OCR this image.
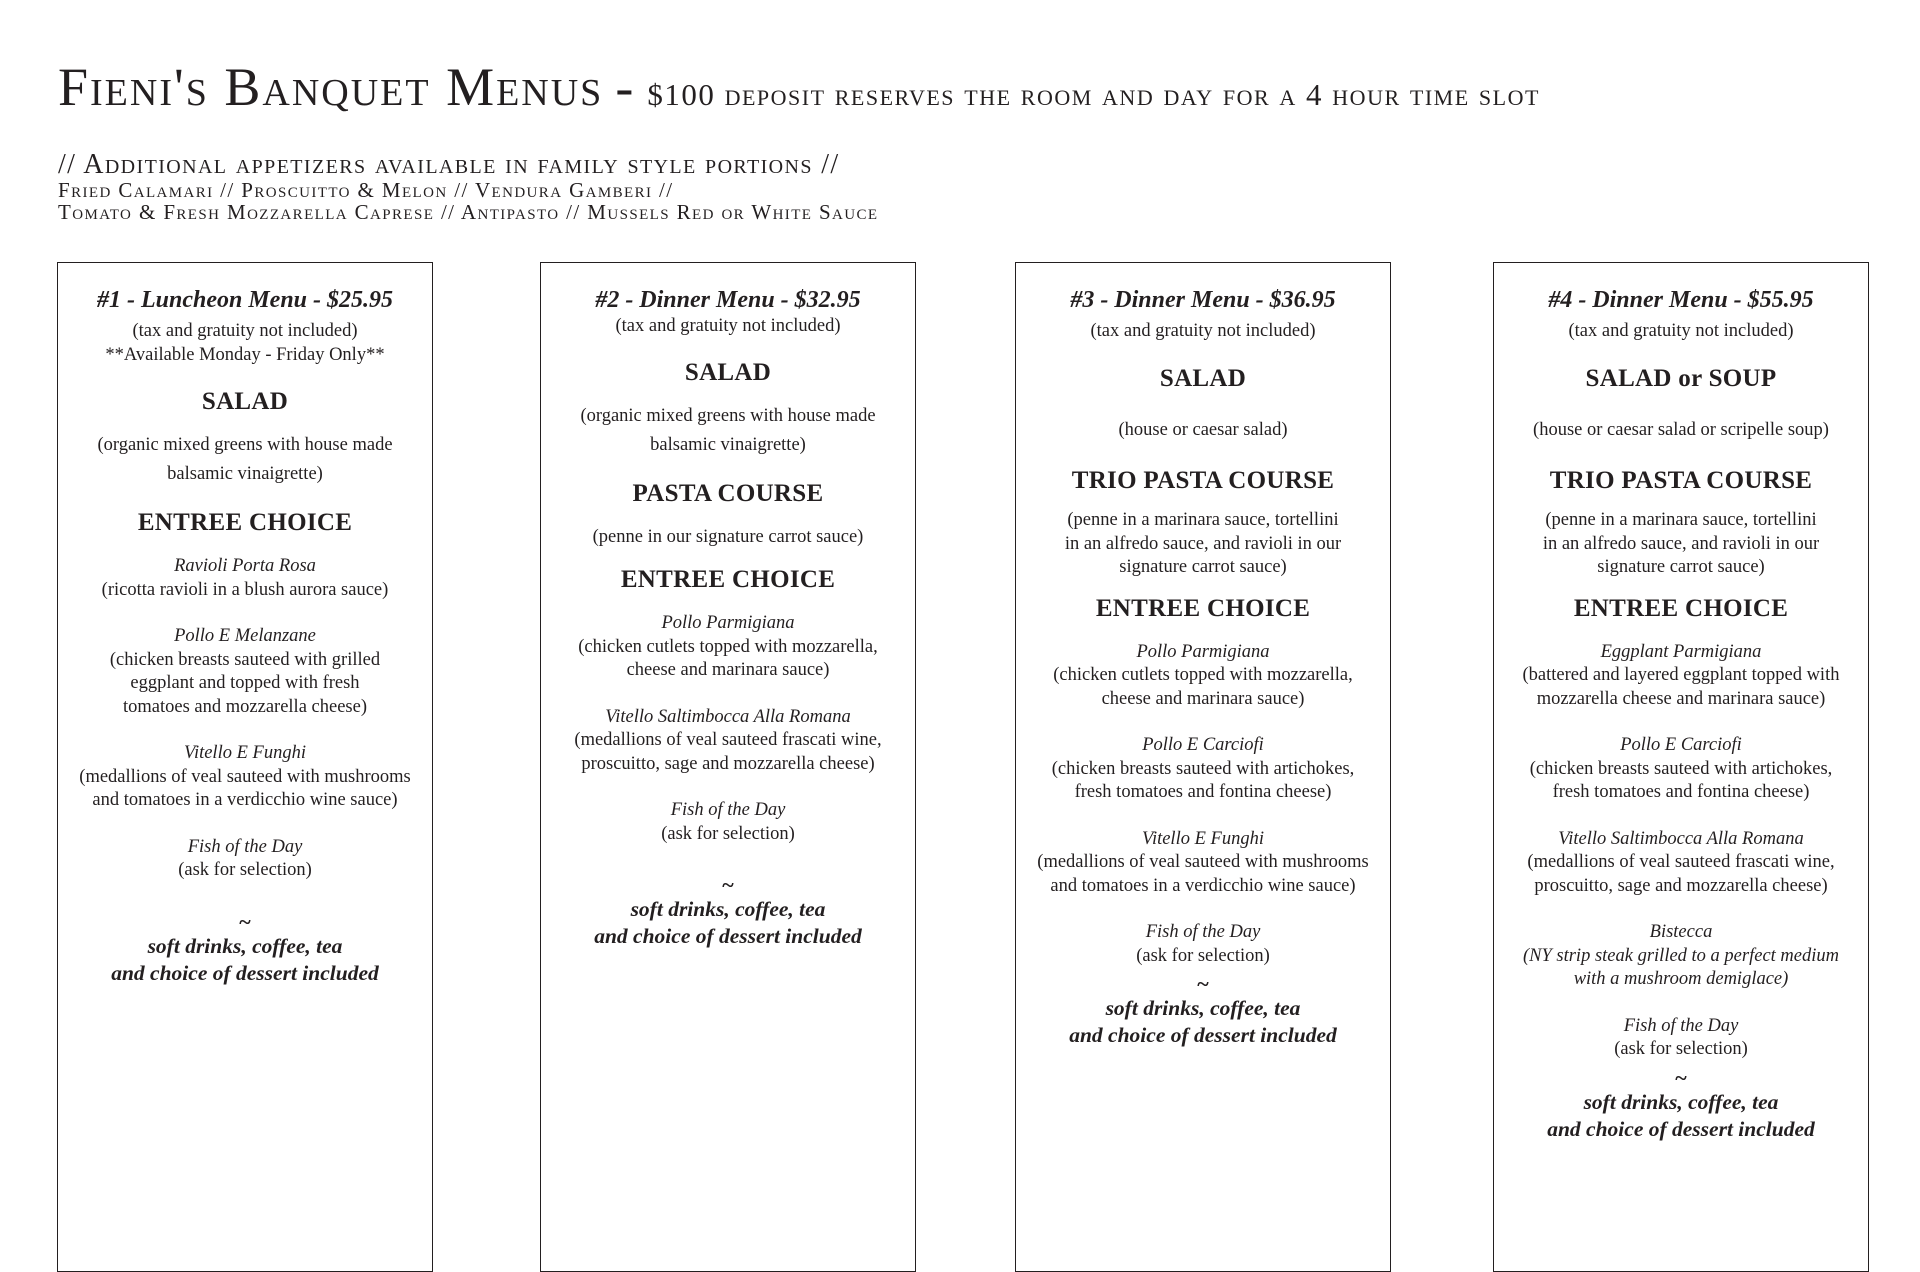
Fieni's Banquet Menus - $100 deposit reserves the room and day for a 4 hour time slot
// Additional appetizers available in family style portions //
Fried Calamari // Proscuitto & Melon // Vendura Gamberi //
Tomato & Fresh Mozzarella Caprese // Antipasto // Mussels Red or White Sauce
#1 - Luncheon Menu - $25.95
(tax and gratuity not included)
**Available Monday - Friday Only**
SALAD
(organic mixed greens with house made
balsamic vinaigrette)
ENTREE CHOICE
Ravioli Porta Rosa
(ricotta ravioli in a blush aurora sauce)
Pollo E Melanzane
(chicken breasts sauteed with grilled
eggplant and topped with fresh
tomatoes and mozzarella cheese)
Vitello E Funghi
(medallions of veal sauteed with mushrooms
and tomatoes in a verdicchio wine sauce)
Fish of the Day
(ask for selection)
~
soft drinks, coffee, tea
and choice of dessert included
#2 - Dinner Menu - $32.95
(tax and gratuity not included)
SALAD
(organic mixed greens with house made
balsamic vinaigrette)
PASTA COURSE
(penne in our signature carrot sauce)
ENTREE CHOICE
Pollo Parmigiana
(chicken cutlets topped with mozzarella,
cheese and marinara sauce)
Vitello Saltimbocca Alla Romana
(medallions of veal sauteed frascati wine,
proscuitto, sage and mozzarella cheese)
Fish of the Day
(ask for selection)
~
soft drinks, coffee, tea
and choice of dessert included
#3 - Dinner Menu - $36.95
(tax and gratuity not included)
SALAD
(house or caesar salad)
TRIO PASTA COURSE
(penne in a marinara sauce, tortellini
in an alfredo sauce, and ravioli in our
signature carrot sauce)
ENTREE CHOICE
Pollo Parmigiana
(chicken cutlets topped with mozzarella,
cheese and marinara sauce)
Pollo E Carciofi
(chicken breasts sauteed with artichokes,
fresh tomatoes and fontina cheese)
Vitello E Funghi
(medallions of veal sauteed with mushrooms
and tomatoes in a verdicchio wine sauce)
Fish of the Day
(ask for selection)
~
soft drinks, coffee, tea
and choice of dessert included
#4 - Dinner Menu - $55.95
(tax and gratuity not included)
SALAD or SOUP
(house or caesar salad or scripelle soup)
TRIO PASTA COURSE
(penne in a marinara sauce, tortellini
in an alfredo sauce, and ravioli in our
signature carrot sauce)
ENTREE CHOICE
Eggplant Parmigiana
(battered and layered eggplant topped with
mozzarella cheese and marinara sauce)
Pollo E Carciofi
(chicken breasts sauteed with artichokes,
fresh tomatoes and fontina cheese)
Vitello Saltimbocca Alla Romana
(medallions of veal sauteed frascati wine,
proscuitto, sage and mozzarella cheese)
Bistecca
(NY strip steak grilled to a perfect medium
with a mushroom demiglace)
Fish of the Day
(ask for selection)
~
soft drinks, coffee, tea
and choice of dessert included
